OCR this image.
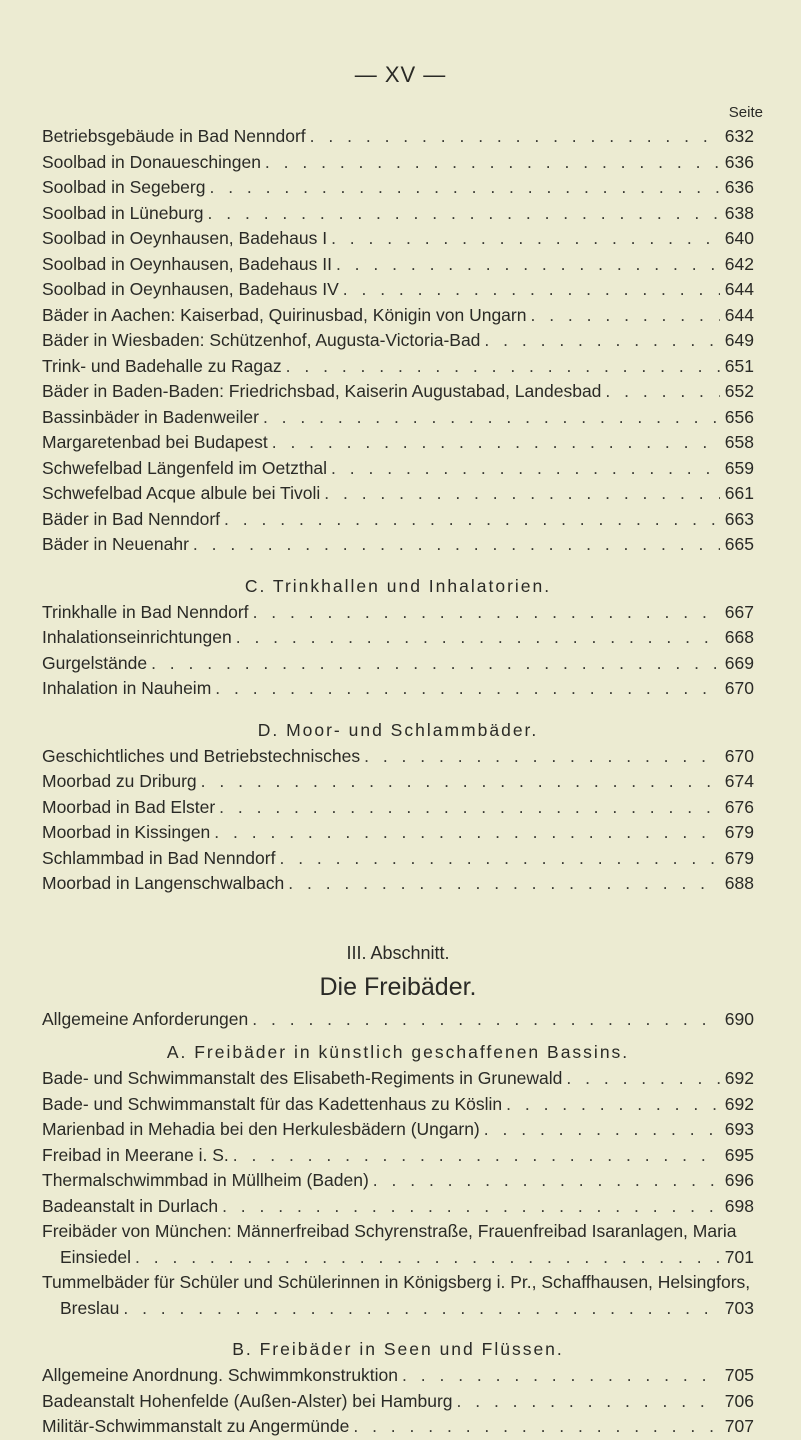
— XV —
Seite
Betriebsgebäude in Bad Nenndorf . . .	632
Soolbad in Donaueschingen . . .	636
Soolbad in Segeberg . . .	636
Soolbad in Lüneburg . . .	638
Soolbad in Oeynhausen, Badehaus I . . .	640
Soolbad in Oeynhausen, Badehaus II . . .	642
Soolbad in Oeynhausen, Badehaus IV . . .	644
Bäder in Aachen: Kaiserbad, Quirinusbad, Königin von Ungarn . . .	644
Bäder in Wiesbaden: Schützenhof, Augusta-Victoria-Bad . . .	649
Trink- und Badehalle zu Ragaz . . .	651
Bäder in Baden-Baden: Friedrichsbad, Kaiserin Augustabad, Landesbad . . .	652
Bassinbäder in Badenweiler . . .	656
Margaretenbad bei Budapest . . .	658
Schwefelbad Längenfeld im Oetzthal . . .	659
Schwefelbad Acque albule bei Tivoli . . .	661
Bäder in Bad Nenndorf . . .	663
Bäder in Neuenahr . . .	665
C. Trinkhallen und Inhalatorien.
Trinkhalle in Bad Nenndorf . . .	667
Inhalationseinrichtungen . . .	668
Gurgelstände . . .	669
Inhalation in Nauheim . . .	670
D. Moor- und Schlammbäder.
Geschichtliches und Betriebstechnisches . . .	670
Moorbad zu Driburg . . .	674
Moorbad in Bad Elster . . .	676
Moorbad in Kissingen . . .	679
Schlammbad in Bad Nenndorf . . .	679
Moorbad in Langenschwalbach . . .	688
III. Abschnitt.
Die Freibäder.
Allgemeine Anforderungen . . .	690
A. Freibäder in künstlich geschaffenen Bassins.
Bade- und Schwimmanstalt des Elisabeth-Regiments in Grunewald . . .	692
Bade- und Schwimmanstalt für das Kadettenhaus zu Köslin . . .	692
Marienbad in Mehadia bei den Herkulesbädern (Ungarn) . . .	693
Freibad in Meerane i. S. . . .	695
Thermalschwimmbad in Müllheim (Baden) . . .	696
Badeanstalt in Durlach . . .	698
Freibäder von München: Männerfreibad Schyrenstraße, Frauenfreibad Isaranlagen, Maria
Einsiedel . . .	701
Tummelbäder für Schüler und Schülerinnen in Königsberg i. Pr., Schaffhausen, Helsingfors,
Breslau . . .	703
B. Freibäder in Seen und Flüssen.
Allgemeine Anordnung. Schwimmkonstruktion . . .	705
Badeanstalt Hohenfelde (Außen-Alster) bei Hamburg . . .	706
Militär-Schwimmanstalt zu Angermünde . . .	707
